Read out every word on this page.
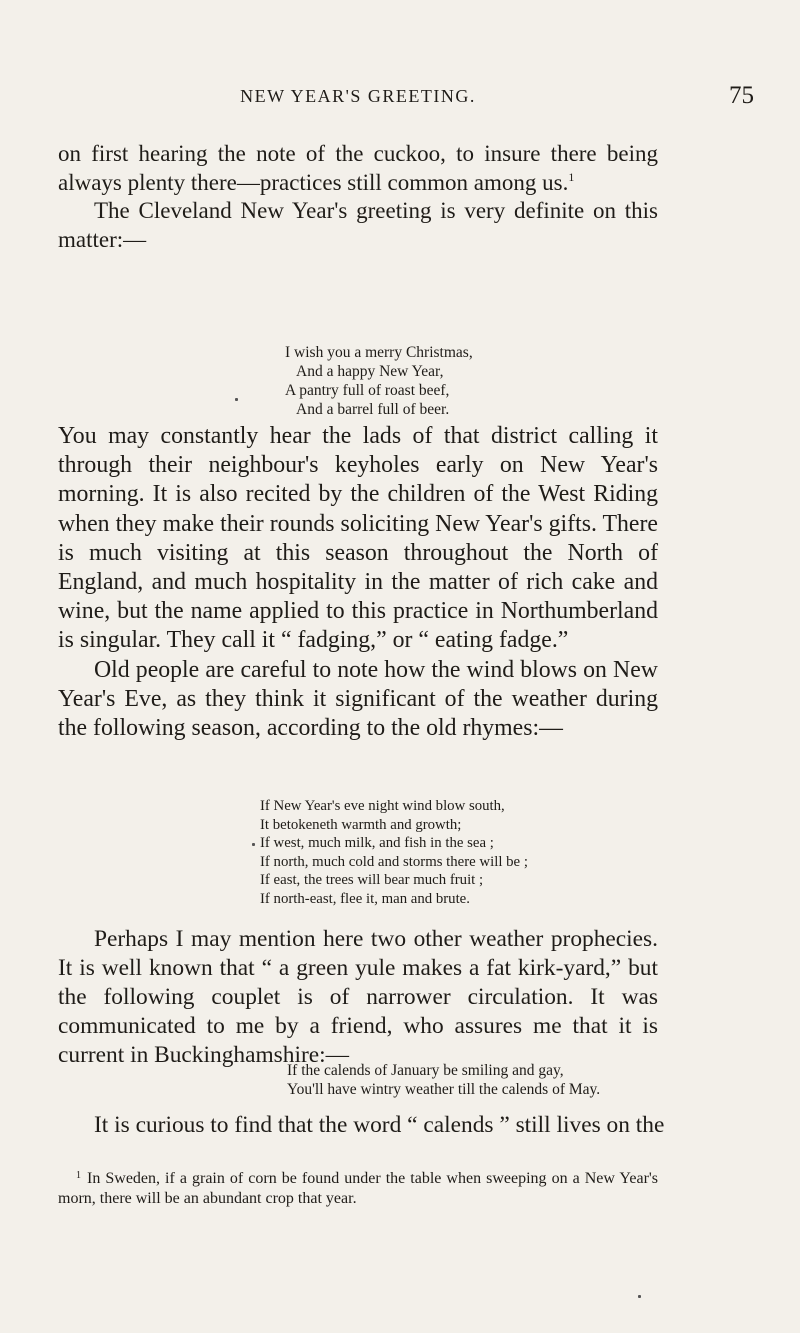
NEW YEAR'S GREETING.	75

on first hearing the note of the cuckoo, to insure there being always plenty there—practices still common among us.$^1$

The Cleveland New Year's greeting is very definite on this matter:—

I wish you a merry Christmas,
And a happy New Year,
A pantry full of roast beef,
And a barrel full of beer.

You may constantly hear the lads of that district calling it through their neighbour's keyholes early on New Year's morning. It is also recited by the children of the West Riding when they make their rounds soliciting New Year's gifts. There is much visiting at this season throughout the North of England, and much hospitality in the matter of rich cake and wine, but the name applied to this practice in Northumberland is singular. They call it “ fadging,” or “ eating fadge.”

Old people are careful to note how the wind blows on New Year's Eve, as they think it significant of the weather during the following season, according to the old rhymes:—

If New Year's eve night wind blow south,
It betokeneth warmth and growth;
If west, much milk, and fish in the sea ;
If north, much cold and storms there will be ;
If east, the trees will bear much fruit ;
If north-east, flee it, man and brute.

Perhaps I may mention here two other weather prophecies. It is well known that “ a green yule makes a fat kirk-yard,” but the following couplet is of narrower circulation. It was communicated to me by a friend, who assures me that it is current in Buckinghamshire:—

If the calends of January be smiling and gay,
You'll have wintry weather till the calends of May.

It is curious to find that the word “ calends ” still lives on the

$^1$ In Sweden, if a grain of corn be found under the table when sweeping on a New Year's morn, there will be an abundant crop that year.
